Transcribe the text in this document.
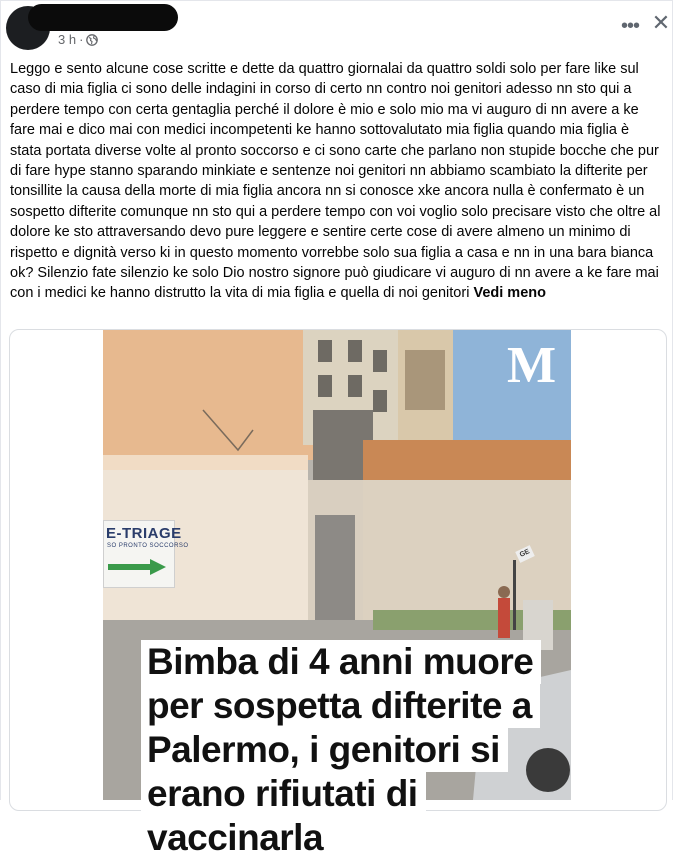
3 h ·
••• ✕
Leggo e sento alcune cose scritte e dette da quattro giornalai da quattro soldi solo per fare like sul caso di mia figlia ci sono delle indagini in corso di certo nn contro noi genitori adesso nn sto qui a perdere tempo con certa gentaglia perché il dolore è mio e solo mio ma vi auguro di nn avere a ke fare mai e dico mai con medici incompetenti ke hanno sottovalutato mia figlia quando mia figlia è stata portata diverse volte al pronto soccorso e ci sono carte che parlano non stupide bocche che pur di fare hype stanno sparando minkiate e sentenze noi genitori nn abbiamo scambiato la difterite per tonsillite la causa della morte di mia figlia ancora nn si conosce xke ancora nulla è confermato è un sospetto difterite comunque nn sto qui a perdere tempo con voi voglio solo precisare visto che oltre al dolore ke sto attraversando devo pure leggere e sentire certe cose di avere almeno un minimo di rispetto e dignità verso ki in questo momento vorrebbe solo sua figlia a casa e nn in una bara bianca ok? Silenzio fate silenzio ke solo Dio nostro signore può giudicare vi auguro di nn avere a ke fare mai con i medici ke hanno distrutto la vita di mia figlia e quella di noi genitori Vedi meno
E-TRIAGE
SO PRONTO SOCCORSO
GE
M
Bimba di 4 anni muore
per sospetta difterite a
Palermo, i genitori si
erano rifiutati di
vaccinarla
